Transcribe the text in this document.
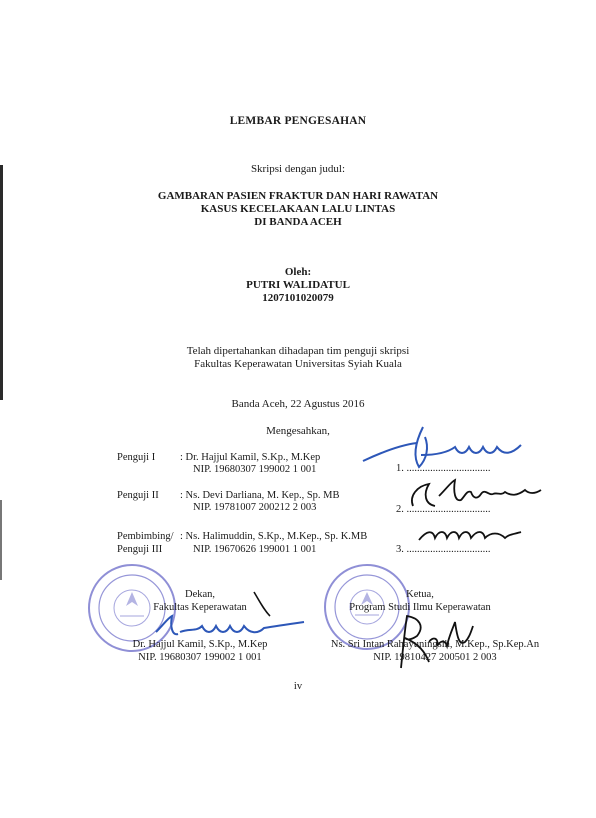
LEMBAR PENGESAHAN
Skripsi dengan judul:
GAMBARAN PASIEN FRAKTUR DAN HARI RAWATAN
KASUS KECELAKAAN LALU LINTAS
DI BANDA ACEH
Oleh:
PUTRI WALIDATUL
1207101020079
Telah dipertahankan dihadapan tim penguji skripsi
Fakultas Keperawatan Universitas Syiah Kuala
Banda Aceh, 22 Agustus 2016
Mengesahkan,
Penguji I : Dr. Hajjul Kamil, S.Kp., M.Kep
NIP. 19680307 199002 1 001	1. ................................
Penguji II : Ns. Devi Darliana, M. Kep., Sp. MB
NIP. 19781007 200212 2 003	2. ................................
Pembimbing/
Penguji III
: Ns. Halimuddin, S.Kp., M.Kep., Sp. K.MB
NIP. 19670626 199001 1 001	3. ................................
Dekan,
Fakultas Keperawatan
Ketua,
Program Studi Ilmu Keperawatan
Dr. Hajjul Kamil, S.Kp., M.Kep
NIP. 19680307 199002 1 001
Ns. Sri Intan Rahayuningsih, M.Kep., Sp.Kep.An
NIP. 19810427 200501 2 003
iv
